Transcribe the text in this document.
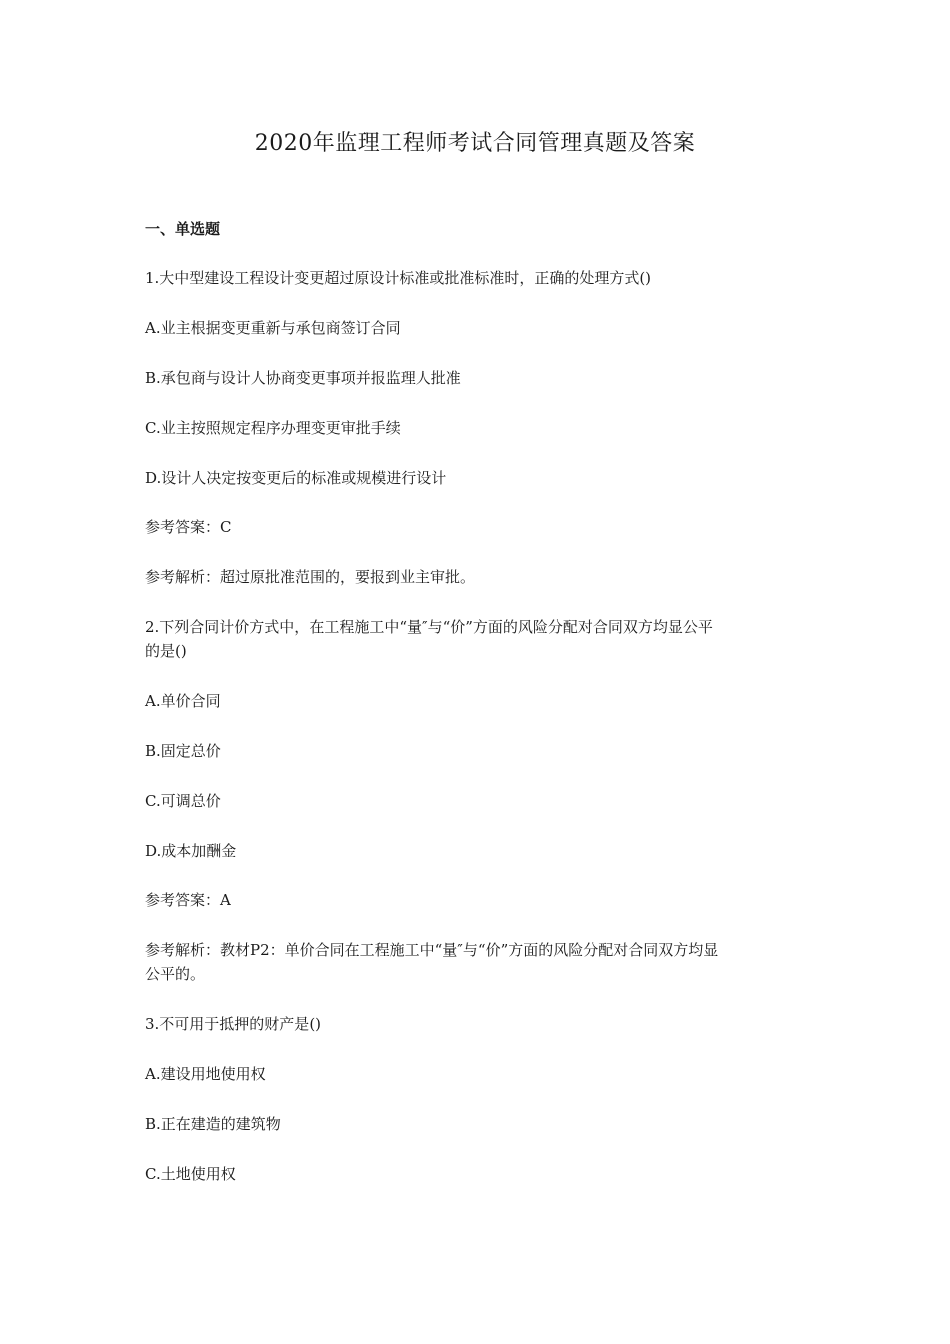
2020年监理工程师考试合同管理真题及答案
一、单选题
1.大中型建设工程设计变更超过原设计标准或批准标准时，正确的处理方式()
A.业主根据变更重新与承包商签订合同
B.承包商与设计人协商变更事项并报监理人批准
C.业主按照规定程序办理变更审批手续
D.设计人决定按变更后的标准或规模进行设计
参考答案：C
参考解析：超过原批准范围的，要报到业主审批。
2.下列合同计价方式中，在工程施工中“量″与“价”方面的风险分配对合同双方均显公平
的是()
A.单价合同
B.固定总价
C.可调总价
D.成本加酬金
参考答案：A
参考解析：教材P2：单价合同在工程施工中“量″与“价”方面的风险分配对合同双方均显
公平的。
3.不可用于抵押的财产是()
A.建设用地使用权
B.正在建造的建筑物
C.土地使用权
